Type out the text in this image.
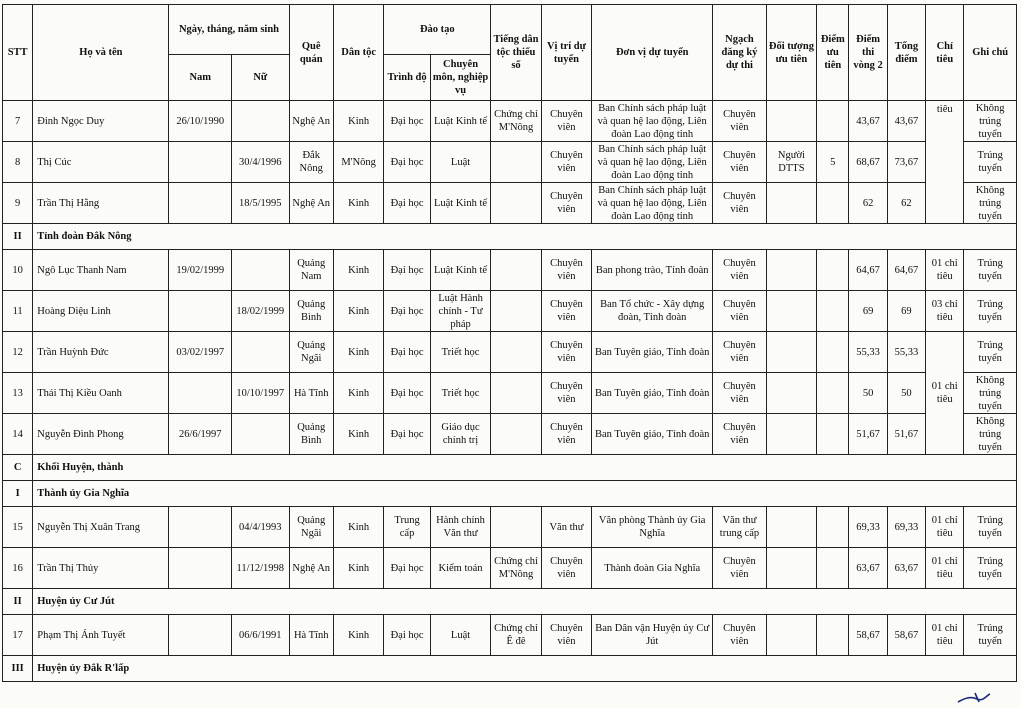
STT	Họ và tên	Ngày, tháng, năm sinh		Quê quán	Dân tộc	Đào tạo		Tiếng dân tộc thiểu số	Vị trí dự tuyển	Đơn vị dự tuyển	Ngạch đăng ký dự thi	Đối tượng ưu tiên	Điểm ưu tiên	Điểm thi vòng 2	Tổng điểm	Chỉ tiêu	Ghi chú
		Nam	Nữ			Trình độ	Chuyên môn, nghiệp vụ										
7	Đinh Ngọc Duy	26/10/1990		Nghệ An	Kinh	Đại học	Luật Kinh tế	Chứng chỉ M'Nông	Chuyên viên	Ban Chính sách pháp luật và quan hệ lao động, Liên đoàn Lao động tỉnh	Chuyên viên			43,67	43,67	tiêu	Không trúng tuyển
8	Thị Cúc		30/4/1996	Đắk Nông	M'Nông	Đại học	Luật		Chuyên viên	Ban Chính sách pháp luật và quan hệ lao động, Liên đoàn Lao động tỉnh	Chuyên viên	Người DTTS	5	68,67	73,67		Trúng tuyển
9	Trần Thị Hằng		18/5/1995	Nghệ An	Kinh	Đại học	Luật Kinh tế		Chuyên viên	Ban Chính sách pháp luật và quan hệ lao động, Liên đoàn Lao động tỉnh	Chuyên viên			62	62		Không trúng tuyển
II	Tỉnh đoàn Đắk Nông																
10	Ngô Lục Thanh Nam	19/02/1999		Quảng Nam	Kinh	Đại học	Luật Kinh tế		Chuyên viên	Ban phong trào, Tỉnh đoàn	Chuyên viên			64,67	64,67	01 chỉ tiêu	Trúng tuyển
11	Hoàng Diệu Linh		18/02/1999	Quảng Bình	Kinh	Đại học	Luật Hành chính - Tư pháp		Chuyên viên	Ban Tổ chức - Xây dựng đoàn, Tỉnh đoàn	Chuyên viên			69	69	03 chỉ tiêu	Trúng tuyển
12	Trần Huỳnh Đức	03/02/1997		Quảng Ngãi	Kinh	Đại học	Triết học		Chuyên viên	Ban Tuyên giáo, Tỉnh đoàn	Chuyên viên			55,33	55,33	01 chỉ tiêu	Trúng tuyển
13	Thái Thị Kiều Oanh		10/10/1997	Hà Tĩnh	Kinh	Đại học	Triết học		Chuyên viên	Ban Tuyên giáo, Tỉnh đoàn	Chuyên viên			50	50		Không trúng tuyển
14	Nguyễn Đình Phong	26/6/1997		Quảng Bình	Kinh	Đại học	Giáo dục chính trị		Chuyên viên	Ban Tuyên giáo, Tỉnh đoàn	Chuyên viên			51,67	51,67		Không trúng tuyển
C	Khối Huyện, thành																
I	Thành ủy Gia Nghĩa																
15	Nguyễn Thị Xuân Trang		04/4/1993	Quảng Ngãi	Kinh	Trung cấp	Hành chính Văn thư		Văn thư	Văn phòng Thành ủy Gia Nghĩa	Văn thư trung cấp			69,33	69,33	01 chỉ tiêu	Trúng tuyển
16	Trần Thị Thủy		11/12/1998	Nghệ An	Kinh	Đại học	Kiểm toán	Chứng chỉ M'Nông	Chuyên viên	Thành đoàn Gia Nghĩa	Chuyên viên			63,67	63,67	01 chỉ tiêu	Trúng tuyển
II	Huyện ủy Cư Jút																
17	Phạm Thị Ánh Tuyết		06/6/1991	Hà Tĩnh	Kinh	Đại học	Luật	Chứng chỉ Ê đê	Chuyên viên	Ban Dân vận Huyện ủy Cư Jút	Chuyên viên			58,67	58,67	01 chỉ tiêu	Trúng tuyển
III	Huyện ủy Đắk R'lấp																
